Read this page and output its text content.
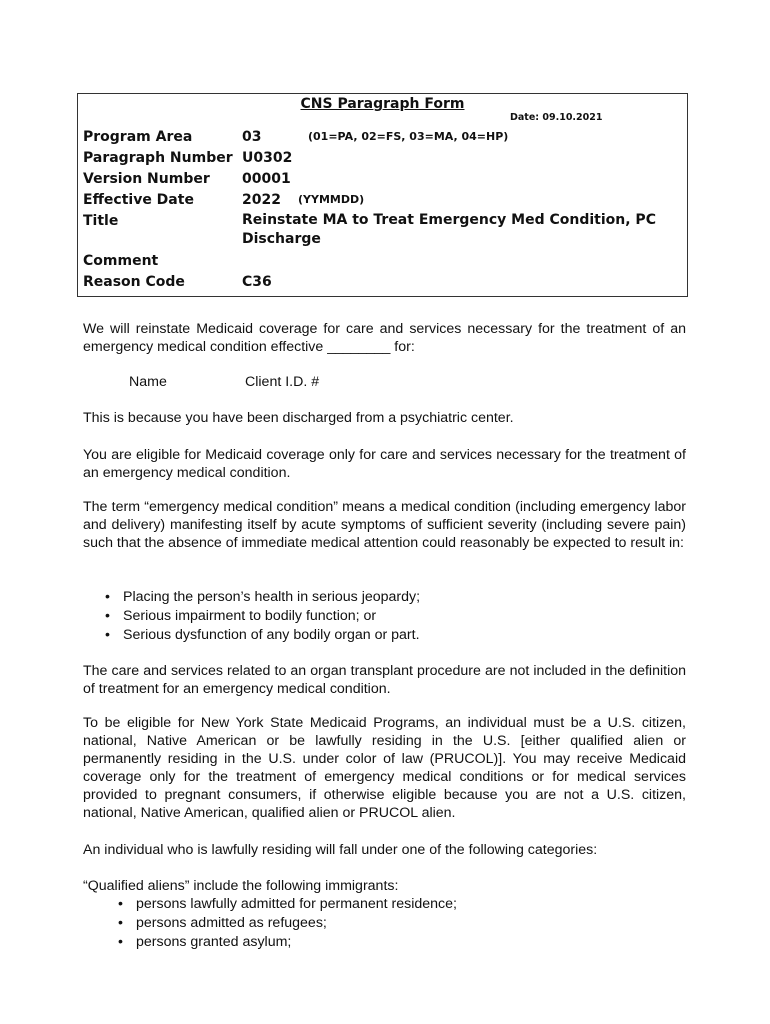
CNS Paragraph Form
Date: 09.10.2021
Program Area	03	(01=PA, 02=FS, 03=MA, 04=HP)
Paragraph Number U0302
Version Number 00001
Effective Date	2022 (YYMMDD)
Title	Reinstate MA to Treat Emergency Med Condition, PC Discharge
Comment
Reason Code	C36

We will reinstate Medicaid coverage for care and services necessary for the treatment of an emergency medical condition effective ________ for:

Name	Client I.D. #

This is because you have been discharged from a psychiatric center.

You are eligible for Medicaid coverage only for care and services necessary for the treatment of an emergency medical condition.

The term “emergency medical condition” means a medical condition (including emergency labor and delivery) manifesting itself by acute symptoms of sufficient severity (including severe pain) such that the absence of immediate medical attention could reasonably be expected to result in:

• Placing the person’s health in serious jeopardy;
• Serious impairment to bodily function; or
• Serious dysfunction of any bodily organ or part.

The care and services related to an organ transplant procedure are not included in the definition of treatment for an emergency medical condition.

To be eligible for New York State Medicaid Programs, an individual must be a U.S. citizen, national, Native American or be lawfully residing in the U.S. [either qualified alien or permanently residing in the U.S. under color of law (PRUCOL)]. You may receive Medicaid coverage only for the treatment of emergency medical conditions or for medical services provided to pregnant consumers, if otherwise eligible because you are not a U.S. citizen, national, Native American, qualified alien or PRUCOL alien.

An individual who is lawfully residing will fall under one of the following categories:

“Qualified aliens” include the following immigrants:

• persons lawfully admitted for permanent residence;
• persons admitted as refugees;
• persons granted asylum;
